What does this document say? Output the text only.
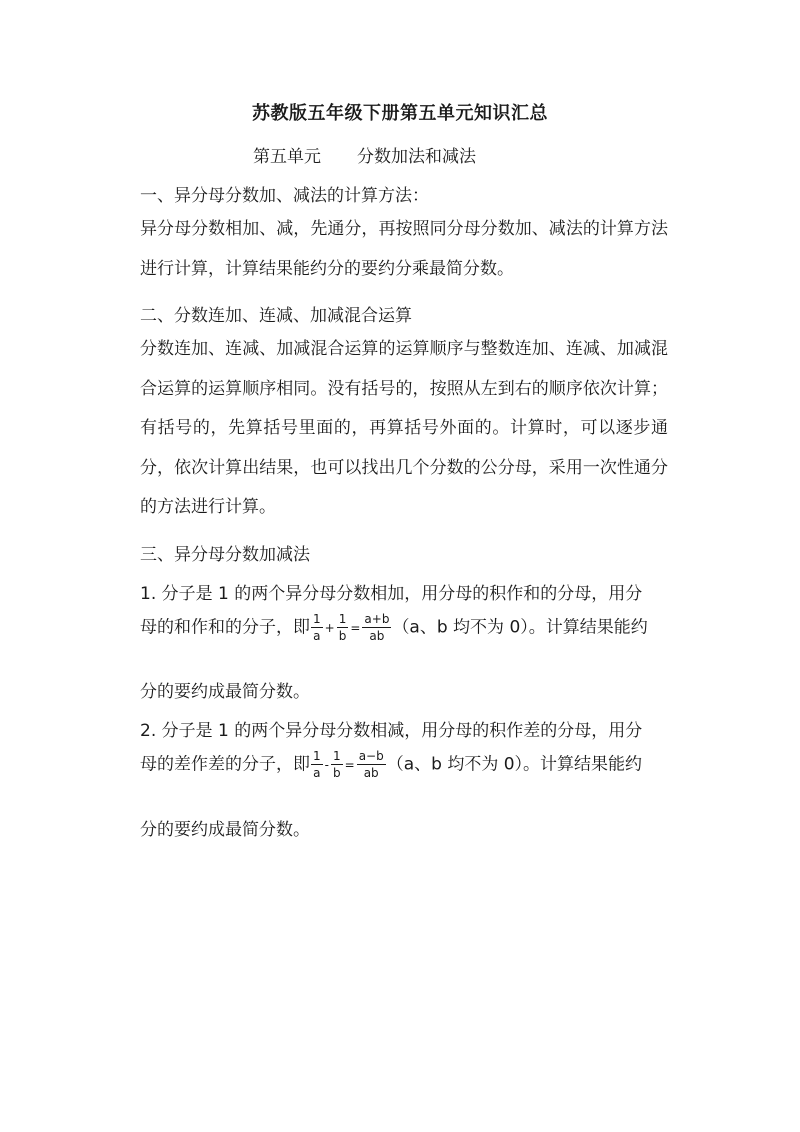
苏教版五年级下册第五单元知识汇总
第五单元 分数加法和减法
一、异分母分数加、减法的计算方法：
异分母分数相加、减，先通分，再按照同分母分数加、减法的计算方法进行计算，计算结果能约分的要约分乘最简分数。
二、分数连加、连减、加减混合运算
分数连加、连减、加减混合运算的运算顺序与整数连加、连减、加减混合运算的运算顺序相同。没有括号的，按照从左到右的顺序依次计算；有括号的，先算括号里面的，再算括号外面的。计算时，可以逐步通分，依次计算出结果，也可以找出几个分数的公分母，采用一次性通分的方法进行计算。
三、异分母分数加减法
1. 分子是 1 的两个异分母分数相加，用分母的积作和的分母，用分
母的和作和的分子，即 $\frac{1}{a} + \frac{1}{b} = \frac{a+b}{ab} (a$、b 均不为 0）。计算结果能约
分的要约成最简分数。
2. 分子是 1 的两个异分母分数相减，用分母的积作差的分母，用分
母的差作差的分子，即 $\frac{1}{a} - \frac{1}{b} = \frac{a-b}{ab} (a$、b 均不为 0）。计算结果能约
分的要约成最简分数。
